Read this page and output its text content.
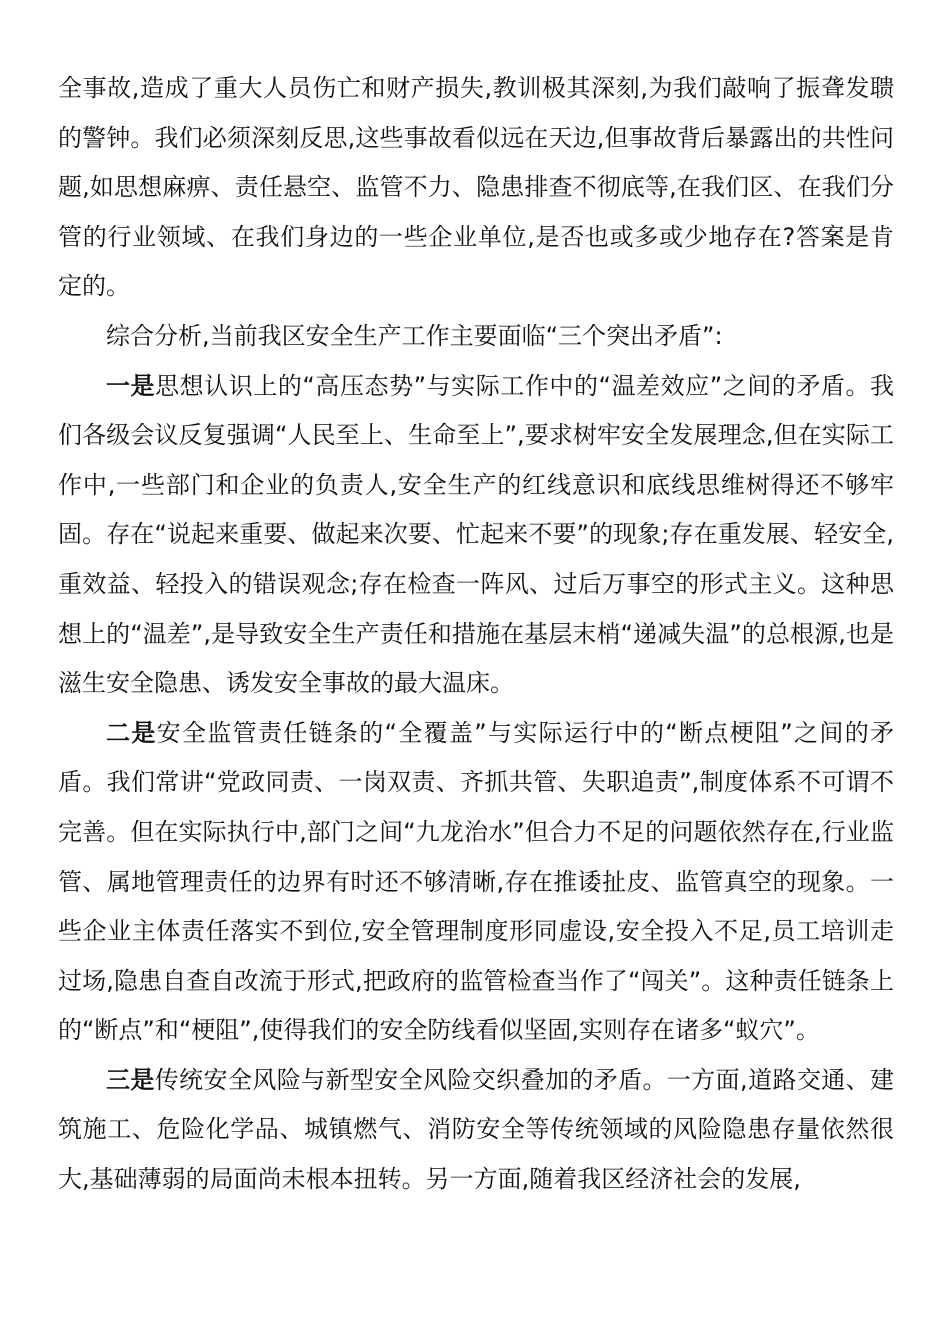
全事故,造成了重大人员伤亡和财产损失,教训极其深刻,为我们敲响了振聋发聩的警钟。我们必须深刻反思,这些事故看似远在天边,但事故背后暴露出的共性问题,如思想麻痹、责任悬空、监管不力、隐患排查不彻底等,在我们区、在我们分管的行业领域、在我们身边的一些企业单位,是否也或多或少地存在?答案是肯定的。

综合分析,当前我区安全生产工作主要面临“三个突出矛盾”:

一是思想认识上的“高压态势”与实际工作中的“温差效应”之间的矛盾。我们各级会议反复强调“人民至上、生命至上”,要求树牢安全发展理念,但在实际工作中,一些部门和企业的负责人,安全生产的红线意识和底线思维树得还不够牢固。存在“说起来重要、做起来次要、忙起来不要”的现象;存在重发展、轻安全,重效益、轻投入的错误观念;存在检查一阵风、过后万事空的形式主义。这种思想上的“温差”,是导致安全生产责任和措施在基层末梢“递减失温”的总根源,也是滋生安全隐患、诱发安全事故的最大温床。

二是安全监管责任链条的“全覆盖”与实际运行中的“断点梗阻”之间的矛盾。我们常讲“党政同责、一岗双责、齐抓共管、失职追责”,制度体系不可谓不完善。但在实际执行中,部门之间“九龙治水”但合力不足的问题依然存在,行业监管、属地管理责任的边界有时还不够清晰,存在推诿扯皮、监管真空的现象。一些企业主体责任落实不到位,安全管理制度形同虚设,安全投入不足,员工培训走过场,隐患自查自改流于形式,把政府的监管检查当作了“闯关”。这种责任链条上的“断点”和“梗阻”,使得我们的安全防线看似坚固,实则存在诸多“蚁穴”。

三是传统安全风险与新型安全风险交织叠加的矛盾。一方面,道路交通、建筑施工、危险化学品、城镇燃气、消防安全等传统领域的风险隐患存量依然很大,基础薄弱的局面尚未根本扭转。另一方面,随着我区经济社会的发展,
